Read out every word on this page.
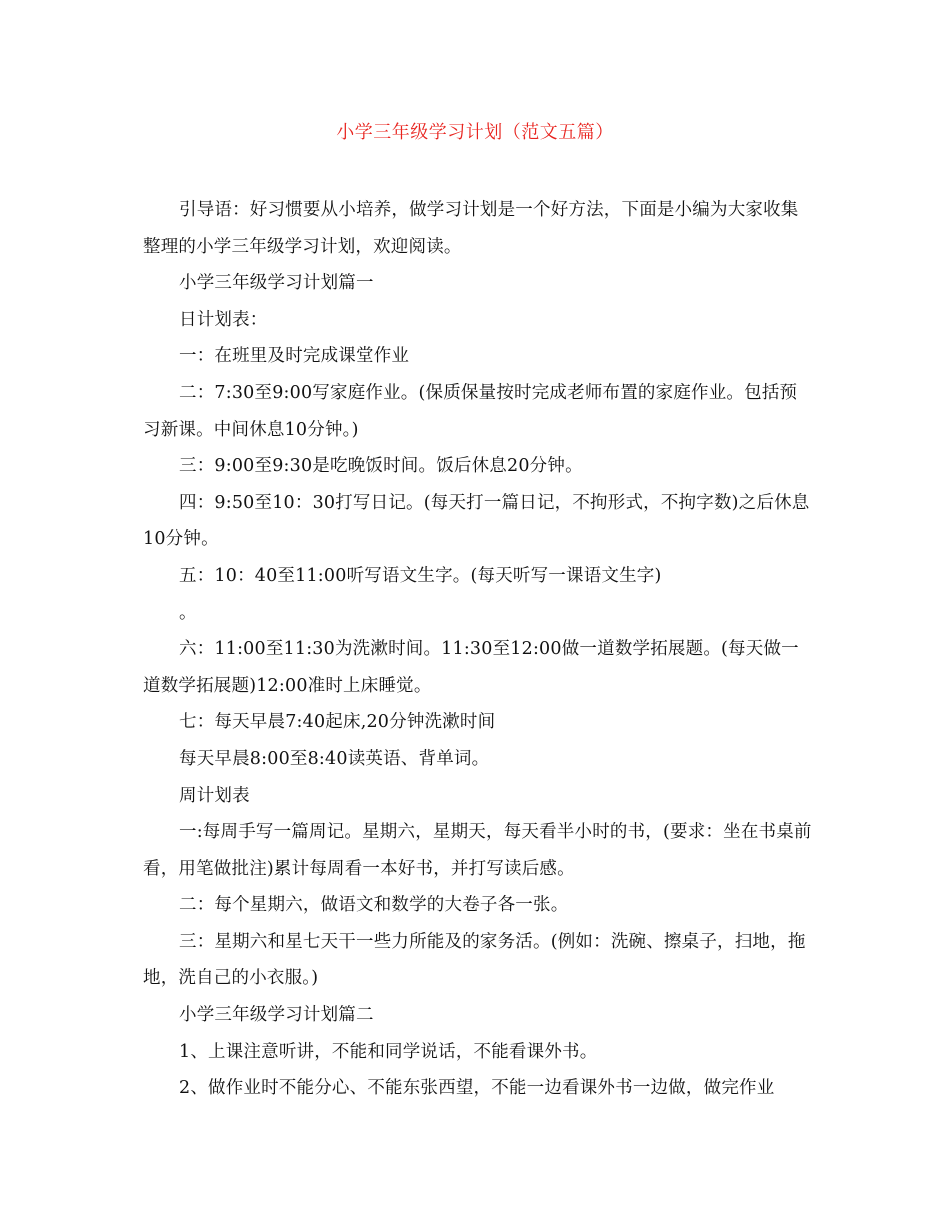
小学三年级学习计划（范文五篇）

引导语：好习惯要从小培养，做学习计划是一个好方法，下面是小编为大家收集整理的小学三年级学习计划，欢迎阅读。

小学三年级学习计划篇一

日计划表：

一：在班里及时完成课堂作业

二：7:30至9:00写家庭作业。(保质保量按时完成老师布置的家庭作业。包括预习新课。中间休息10分钟。)

三：9:00至9:30是吃晚饭时间。饭后休息20分钟。

四：9:50至10：30打写日记。(每天打一篇日记，不拘形式，不拘字数)之后休息10分钟。

五：10：40至11:00听写语文生字。(每天听写一课语文生字)

。

六：11:00至11:30为洗漱时间。11:30至12:00做一道数学拓展题。(每天做一道数学拓展题)12:00准时上床睡觉。

七：每天早晨7:40起床,20分钟洗漱时间

每天早晨8:00至8:40读英语、背单词。

周计划表

一:每周手写一篇周记。星期六，星期天，每天看半小时的书，(要求：坐在书桌前看，用笔做批注)累计每周看一本好书，并打写读后感。

二：每个星期六，做语文和数学的大卷子各一张。

三：星期六和星七天干一些力所能及的家务活。(例如：洗碗、擦桌子，扫地，拖地，洗自己的小衣服。)

小学三年级学习计划篇二

1、上课注意听讲，不能和同学说话，不能看课外书。

2、做作业时不能分心、不能东张西望，不能一边看课外书一边做，做完作业
